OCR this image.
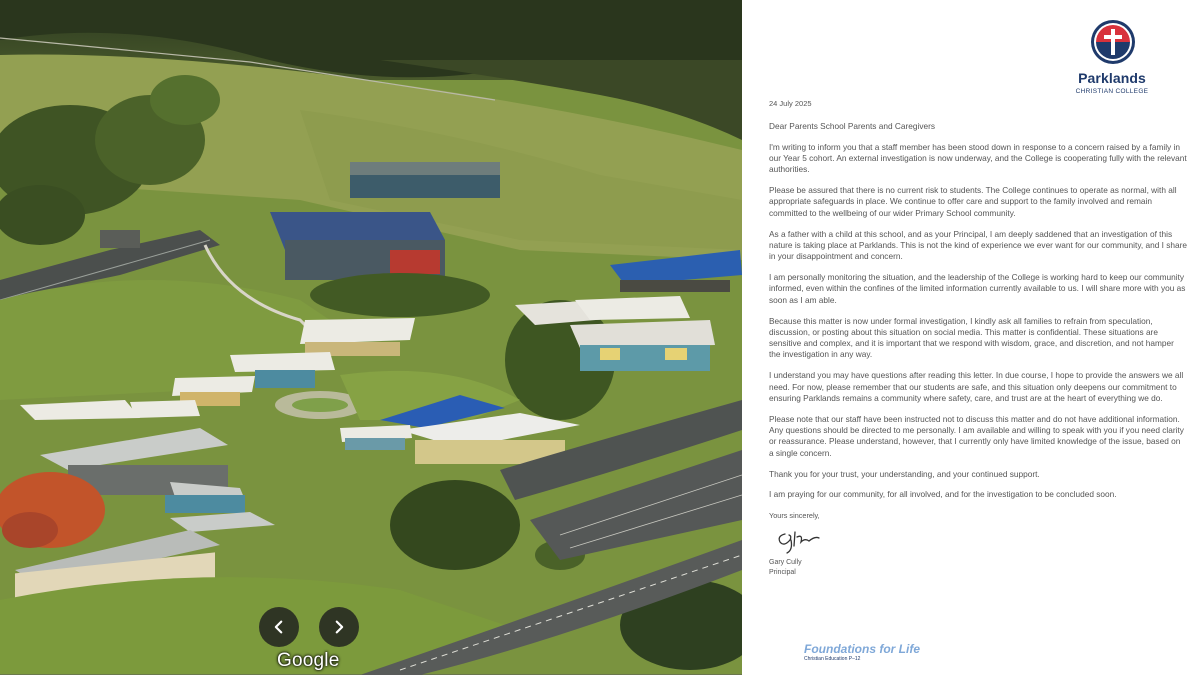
Google
Parklands
CHRISTIAN COLLEGE
24 July 2025
Dear Parents School Parents and Caregivers

I'm writing to inform you that a staff member has been stood down in response to a concern raised by a family in our Year 5 cohort. An external investigation is now underway, and the College is cooperating fully with the relevant authorities.

Please be assured that there is no current risk to students. The College continues to operate as normal, with all appropriate safeguards in place. We continue to offer care and support to the family involved and remain committed to the wellbeing of our wider Primary School community.

As a father with a child at this school, and as your Principal, I am deeply saddened that an investigation of this nature is taking place at Parklands. This is not the kind of experience we ever want for our community, and I share in your disappointment and concern.

I am personally monitoring the situation, and the leadership of the College is working hard to keep our community informed, even within the confines of the limited information currently available to us. I will share more with you as soon as I am able.

Because this matter is now under formal investigation, I kindly ask all families to refrain from speculation, discussion, or posting about this situation on social media. This matter is confidential. These situations are sensitive and complex, and it is important that we respond with wisdom, grace, and discretion, and not hamper the investigation in any way.

I understand you may have questions after reading this letter. In due course, I hope to provide the answers we all need. For now, please remember that our students are safe, and this situation only deepens our commitment to ensuring Parklands remains a community where safety, care, and trust are at the heart of everything we do.

Please note that our staff have been instructed not to discuss this matter and do not have additional information. Any questions should be directed to me personally. I am available and willing to speak with you if you need clarity or reassurance. Please understand, however, that I currently only have limited knowledge of the issue, based on a single concern.

Thank you for your trust, your understanding, and your continued support.

I am praying for our community, for all involved, and for the investigation to be concluded soon.

Yours sincerely,
Gary Cully
Principal
Foundations for Life
Christian Education P–12
